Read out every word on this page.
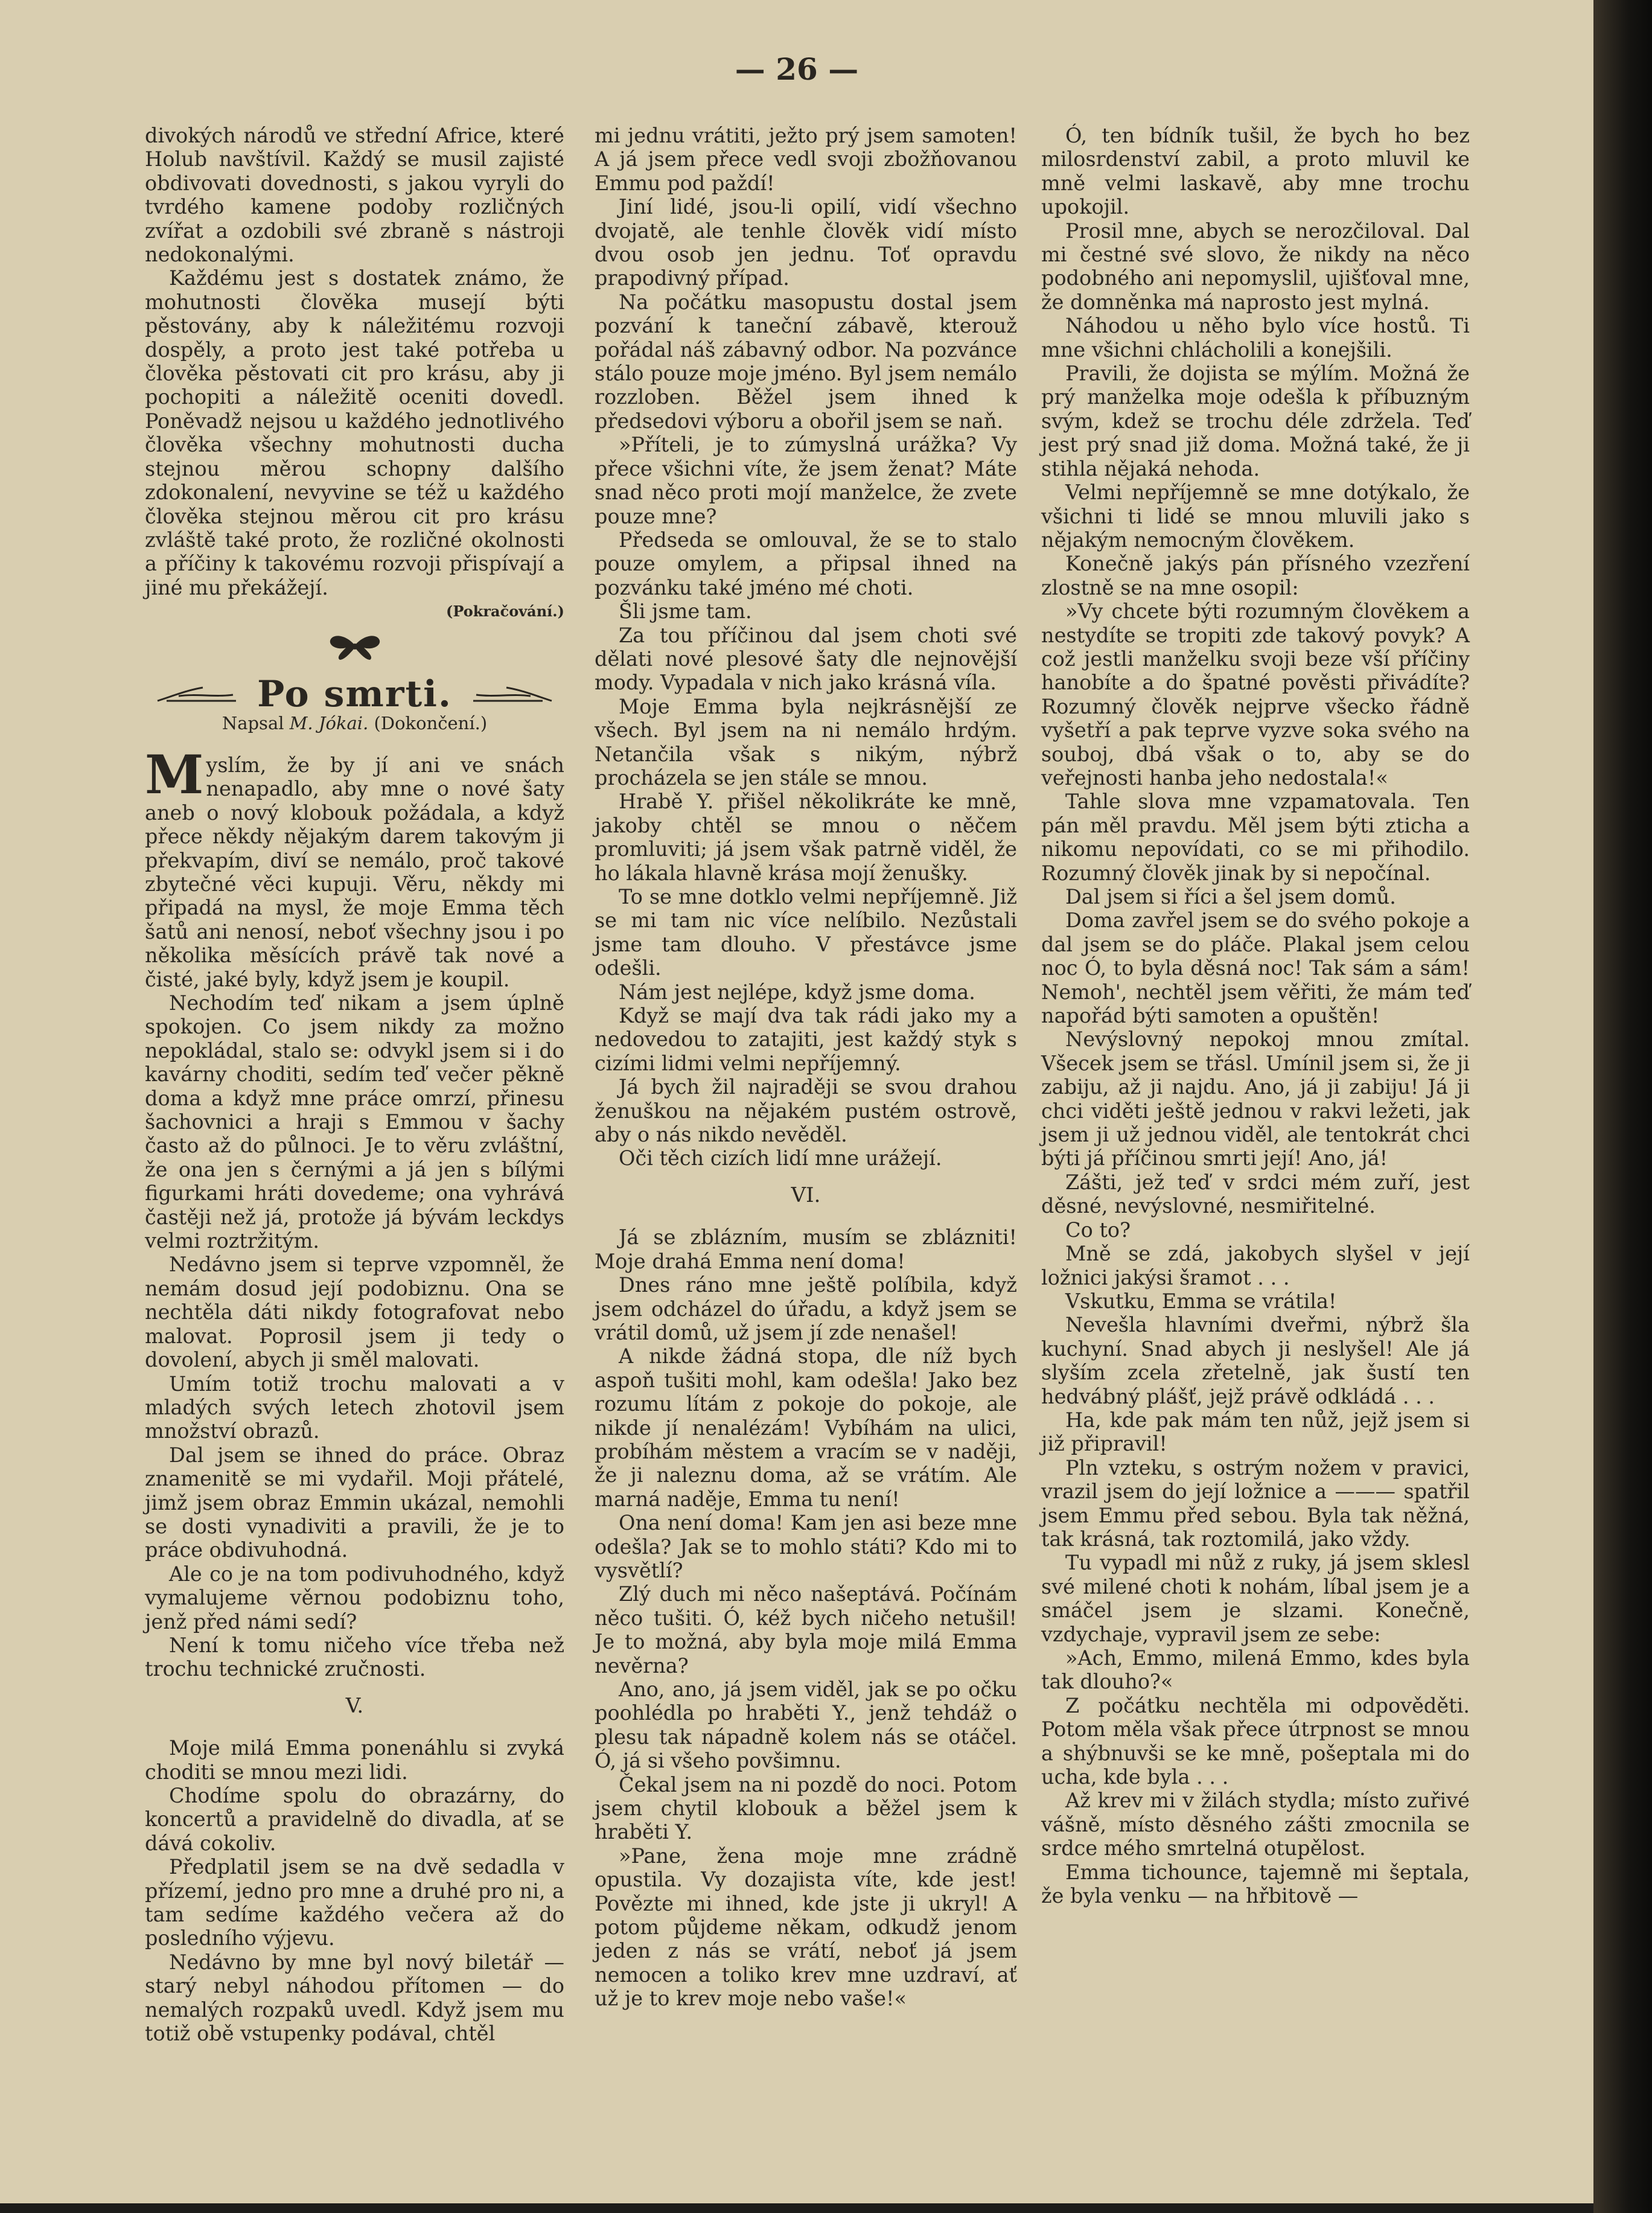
— 26 —

divokých národů ve střední Africe, které Holub navštívil. Každý se musil zajisté obdivovati dovednosti, s jakou vyryli do tvrdého kamene podoby rozličných zvířat a ozdobili své zbraně s nástroji nedokonalými.

Každému jest s dostatek známo, že mohutnosti člověka musejí býti pěstovány, aby k náležitému rozvoji dospěly, a proto jest také potřeba u člověka pěstovati cit pro krásu, aby ji pochopiti a náležitě oceniti dovedl. Poněvadž nejsou u každého jednotlivého člověka všechny mohutnosti ducha stejnou měrou schopny dalšího zdokonalení, nevyvine se též u každého člověka stejnou měrou cit pro krásu zvláště také proto, že rozličné okolnosti a příčiny k takovému rozvoji přispívají a jiné mu překážejí.

(Pokračování.)

Po smrti.
Napsal M. Jókai. (Dokončení.)

Myslím, že by jí ani ve snách nenapadlo, aby mne o nové šaty aneb o nový klobouk požádala, a když přece někdy nějakým darem takovým ji překvapím, diví se nemálo, proč takové zbytečné věci kupuji. Věru, někdy mi připadá na mysl, že moje Emma těch šatů ani nenosí, neboť všechny jsou i po několika měsících právě tak nové a čisté, jaké byly, když jsem je koupil.

Nechodím teď nikam a jsem úplně spokojen. Co jsem nikdy za možno nepokládal, stalo se: odvykl jsem si i do kavárny choditi, sedím teď večer pěkně doma a když mne práce omrzí, přinesu šachovnici a hraji s Emmou v šachy často až do půlnoci. Je to věru zvláštní, že ona jen s černými a já jen s bílými figurkami hráti dovedeme; ona vyhrává častěji než já, protože já bývám leckdys velmi roztržitým.

Nedávno jsem si teprve vzpomněl, že nemám dosud její podobiznu. Ona se nechtěla dáti nikdy fotografovat nebo malovat. Poprosil jsem ji tedy o dovolení, abych ji směl malovati.

Umím totiž trochu malovati a v mladých svých letech zhotovil jsem množství obrazů.

Dal jsem se ihned do práce. Obraz znamenitě se mi vydařil. Moji přátelé, jimž jsem obraz Emmin ukázal, nemohli se dosti vynadiviti a pravili, že je to práce obdivuhodná.

Ale co je na tom podivuhodného, když vymalujeme věrnou podobiznu toho, jenž před námi sedí?

Není k tomu ničeho více třeba než trochu technické zručnosti.

V.

Moje milá Emma ponenáhlu si zvyká choditi se mnou mezi lidi.

Chodíme spolu do obrazárny, do koncertů a pravidelně do divadla, ať se dává cokoliv.

Předplatil jsem se na dvě sedadla v přízemí, jedno pro mne a druhé pro ni, a tam sedíme každého večera až do posledního výjevu.

Nedávno by mne byl nový biletář — starý nebyl náhodou přítomen — do nemalých rozpaků uvedl. Když jsem mu totiž obě vstupenky podával, chtěl

mi jednu vrátiti, ježto prý jsem samoten! A já jsem přece vedl svoji zbožňovanou Emmu pod paždí!

Jiní lidé, jsou-li opilí, vidí všechno dvojatě, ale tenhle člověk vidí místo dvou osob jen jednu. Toť opravdu prapodivný případ.

Na počátku masopustu dostal jsem pozvání k taneční zábavě, kterouž pořádal náš zábavný odbor. Na pozvánce stálo pouze moje jméno. Byl jsem nemálo rozzloben. Běžel jsem ihned k předsedovi výboru a obořil jsem se naň.

»Příteli, je to zúmyslná urážka? Vy přece všichni víte, že jsem ženat? Máte snad něco proti mojí manželce, že zvete pouze mne?

Předseda se omlouval, že se to stalo pouze omylem, a připsal ihned na pozvánku také jméno mé choti.

Šli jsme tam.

Za tou příčinou dal jsem choti své dělati nové plesové šaty dle nejnovější mody. Vypadala v nich jako krásná víla.

Moje Emma byla nejkrásnější ze všech. Byl jsem na ni nemálo hrdým. Netančila však s nikým, nýbrž procházela se jen stále se mnou.

Hrabě Y. přišel několikráte ke mně, jakoby chtěl se mnou o něčem promluviti; já jsem však patrně viděl, že ho lákala hlavně krása mojí ženušky.

To se mne dotklo velmi nepříjemně. Již se mi tam nic více nelíbilo. Nezůstali jsme tam dlouho. V přestávce jsme odešli.

Nám jest nejlépe, když jsme doma.

Když se mají dva tak rádi jako my a nedovedou to zatajiti, jest každý styk s cizími lidmi velmi nepříjemný.

Já bych žil najraději se svou drahou ženuškou na nějakém pustém ostrově, aby o nás nikdo nevěděl.

Oči těch cizích lidí mne urážejí.

VI.

Já se zblázním, musím se zblázniti! Moje drahá Emma není doma!

Dnes ráno mne ještě políbila, když jsem odcházel do úřadu, a když jsem se vrátil domů, už jsem jí zde nenašel!

A nikde žádná stopa, dle níž bych aspoň tušiti mohl, kam odešla! Jako bez rozumu lítám z pokoje do pokoje, ale nikde jí nenalézám! Vybíhám na ulici, probíhám městem a vracím se v naději, že ji naleznu doma, až se vrátím. Ale marná naděje, Emma tu není!

Ona není doma! Kam jen asi beze mne odešla? Jak se to mohlo státi? Kdo mi to vysvětlí?

Zlý duch mi něco našeptává. Počínám něco tušiti. Ó, kéž bych ničeho netušil! Je to možná, aby byla moje milá Emma nevěrna?

Ano, ano, já jsem viděl, jak se po očku poohlédla po hraběti Y., jenž tehdáž o plesu tak nápadně kolem nás se otáčel. Ó, já si všeho povšimnu.

Čekal jsem na ni pozdě do noci. Potom jsem chytil klobouk a běžel jsem k hraběti Y.

»Pane, žena moje mne zrádně opustila. Vy dozajista víte, kde jest! Povězte mi ihned, kde jste ji ukryl! A potom půjdeme někam, odkudž jenom jeden z nás se vrátí, neboť já jsem nemocen a toliko krev mne uzdraví, ať už je to krev moje nebo vaše!«

Ó, ten bídník tušil, že bych ho bez milosrdenství zabil, a proto mluvil ke mně velmi laskavě, aby mne trochu upokojil.

Prosil mne, abych se nerozčiloval. Dal mi čestné své slovo, že nikdy na něco podobného ani nepomyslil, ujišťoval mne, že domněnka má naprosto jest mylná.

Náhodou u něho bylo více hostů. Ti mne všichni chlácholili a konejšili.

Pravili, že dojista se mýlím. Možná že prý manželka moje odešla k příbuzným svým, kdež se trochu déle zdržela. Teď jest prý snad již doma. Možná také, že ji stihla nějaká nehoda.

Velmi nepříjemně se mne dotýkalo, že všichni ti lidé se mnou mluvili jako s nějakým nemocným člověkem.

Konečně jakýs pán přísného vzezření zlostně se na mne osopil:

»Vy chcete býti rozumným člověkem a nestydíte se tropiti zde takový povyk? A což jestli manželku svoji beze vší příčiny hanobíte a do špatné pověsti přivádíte? Rozumný člověk nejprve všecko řádně vyšetří a pak teprve vyzve soka svého na souboj, dbá však o to, aby se do veřejnosti hanba jeho nedostala!«

Tahle slova mne vzpamatovala. Ten pán měl pravdu. Měl jsem býti zticha a nikomu nepovídati, co se mi přihodilo. Rozumný člověk jinak by si nepočínal.

Dal jsem si říci a šel jsem domů.

Doma zavřel jsem se do svého pokoje a dal jsem se do pláče. Plakal jsem celou noc Ó, to byla děsná noc! Tak sám a sám! Nemoh', nechtěl jsem věřiti, že mám teď napořád býti samoten a opuštěn!

Nevýslovný nepokoj mnou zmítal. Všecek jsem se třásl. Umínil jsem si, že ji zabiju, až ji najdu. Ano, já ji zabiju! Já ji chci viděti ještě jednou v rakvi ležeti, jak jsem ji už jednou viděl, ale tentokrát chci býti já příčinou smrti její! Ano, já!

Zášti, jež teď v srdci mém zuří, jest děsné, nevýslovné, nesmiřitelné.

Co to?

Mně se zdá, jakobych slyšel v její ložnici jakýsi šramot . . .

Vskutku, Emma se vrátila!

Nevešla hlavními dveřmi, nýbrž šla kuchyní. Snad abych ji neslyšel! Ale já slyším zcela zřetelně, jak šustí ten hedvábný plášť, jejž právě odkládá . . .

Ha, kde pak mám ten nůž, jejž jsem si již připravil!

Pln vzteku, s ostrým nožem v pravici, vrazil jsem do její ložnice a ——— spatřil jsem Emmu před sebou. Byla tak něžná, tak krásná, tak roztomilá, jako vždy.

Tu vypadl mi nůž z ruky, já jsem sklesl své milené choti k nohám, líbal jsem je a smáčel jsem je slzami. Konečně, vzdychaje, vypravil jsem ze sebe:

»Ach, Emmo, milená Emmo, kdes byla tak dlouho?«

Z počátku nechtěla mi odpověděti. Potom měla však přece útrpnost se mnou a shýbnuvši se ke mně, pošeptala mi do ucha, kde byla . . .

Až krev mi v žilách stydla; místo zuřivé vášně, místo děsného zášti zmocnila se srdce mého smrtelná otupělost.

Emma tichounce, tajemně mi šeptala, že byla venku — na hřbitově —
